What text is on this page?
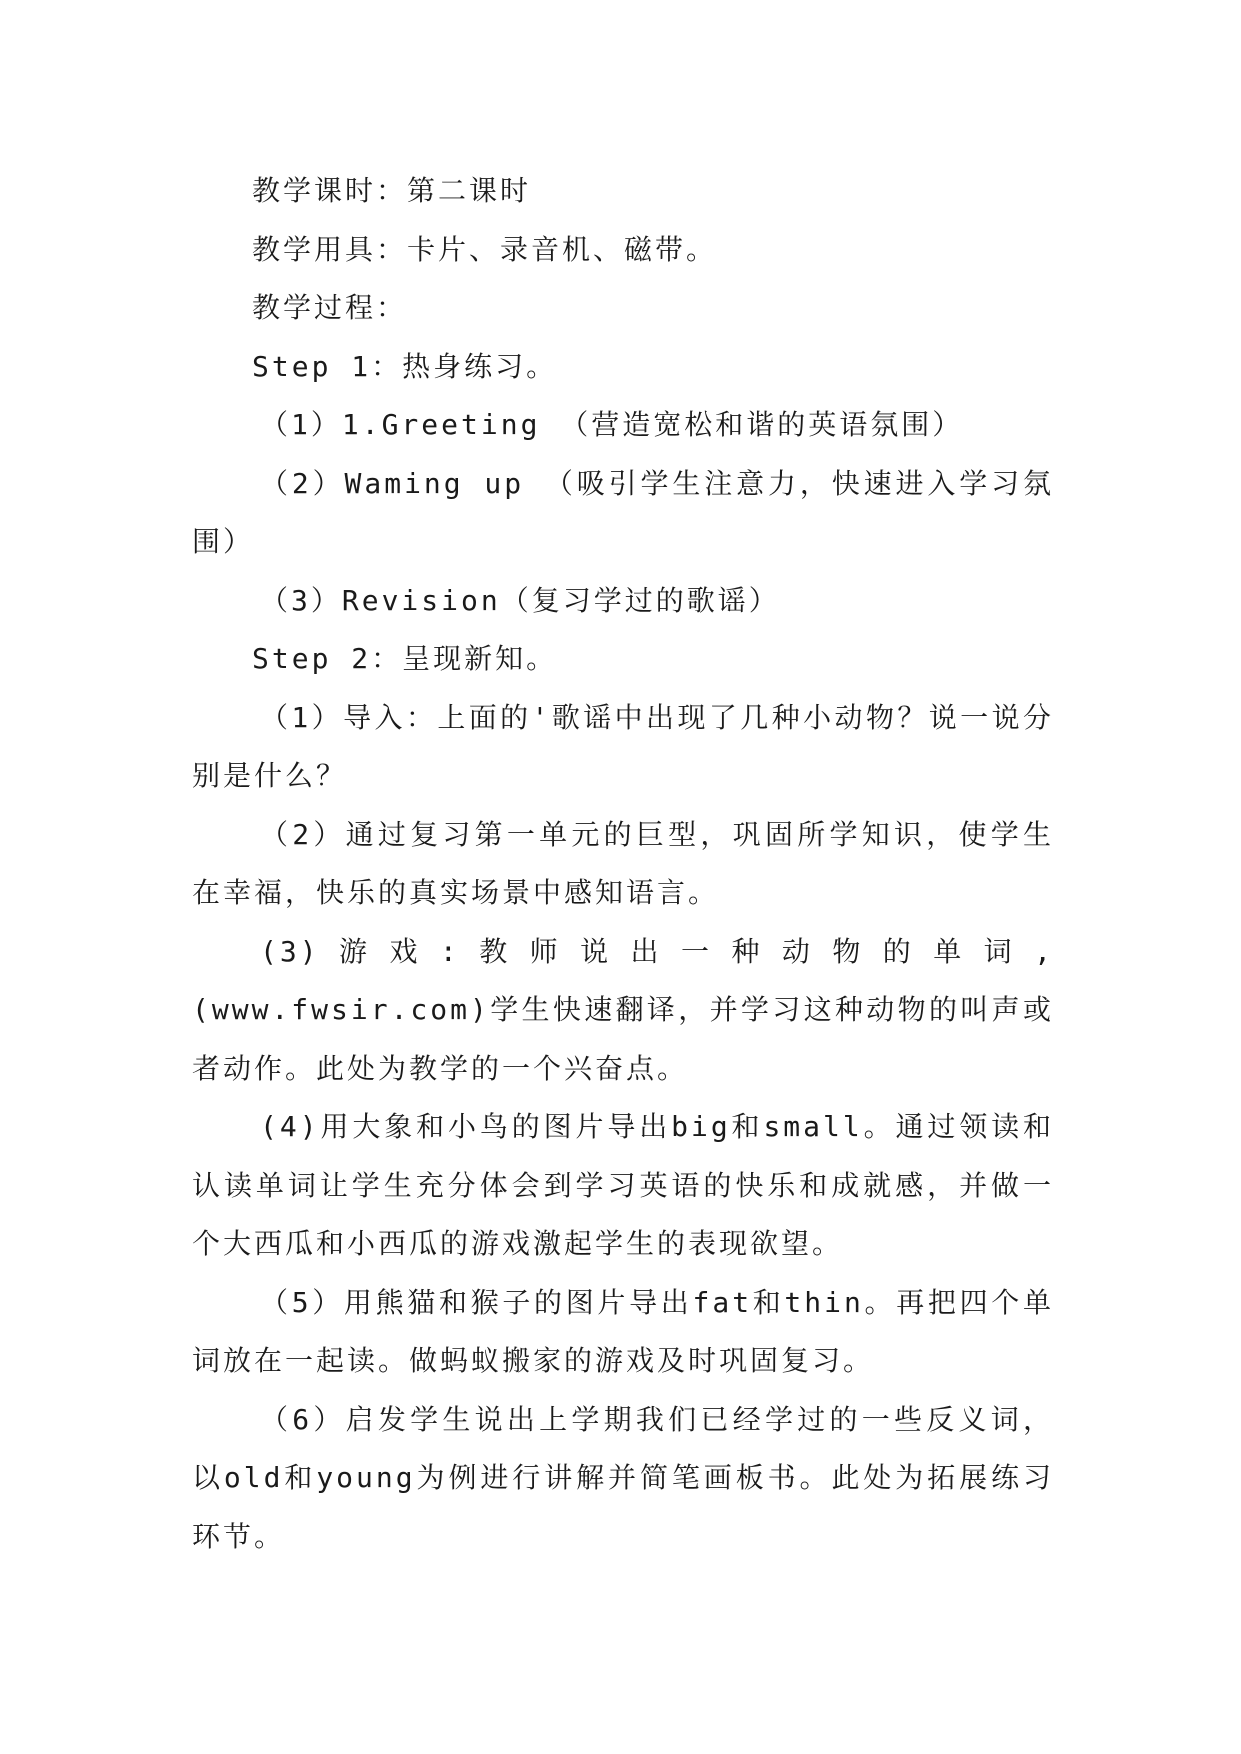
教学课时：第二课时

教学用具：卡片、录音机、磁带。

教学过程：

Step 1：热身练习。

（1）1.Greeting （营造宽松和谐的英语氛围）

（2）Waming up （吸引学生注意力，快速进入学习氛围）

（3）Revision（复习学过的歌谣）

Step 2：呈现新知。

（1）导入：上面的'歌谣中出现了几种小动物？说一说分别是什么？

（2）通过复习第一单元的巨型，巩固所学知识，使学生在幸福，快乐的真实场景中感知语言。

(3)游戏:教师说出一种动物的单词,(www.fwsir.com)学生快速翻译，并学习这种动物的叫声或者动作。此处为教学的一个兴奋点。

(4)用大象和小鸟的图片导出big和small。通过领读和认读单词让学生充分体会到学习英语的快乐和成就感，并做一个大西瓜和小西瓜的游戏激起学生的表现欲望。

（5）用熊猫和猴子的图片导出fat和thin。再把四个单词放在一起读。做蚂蚁搬家的游戏及时巩固复习。

（6）启发学生说出上学期我们已经学过的一些反义词，以old和young为例进行讲解并简笔画板书。此处为拓展练习环节。
